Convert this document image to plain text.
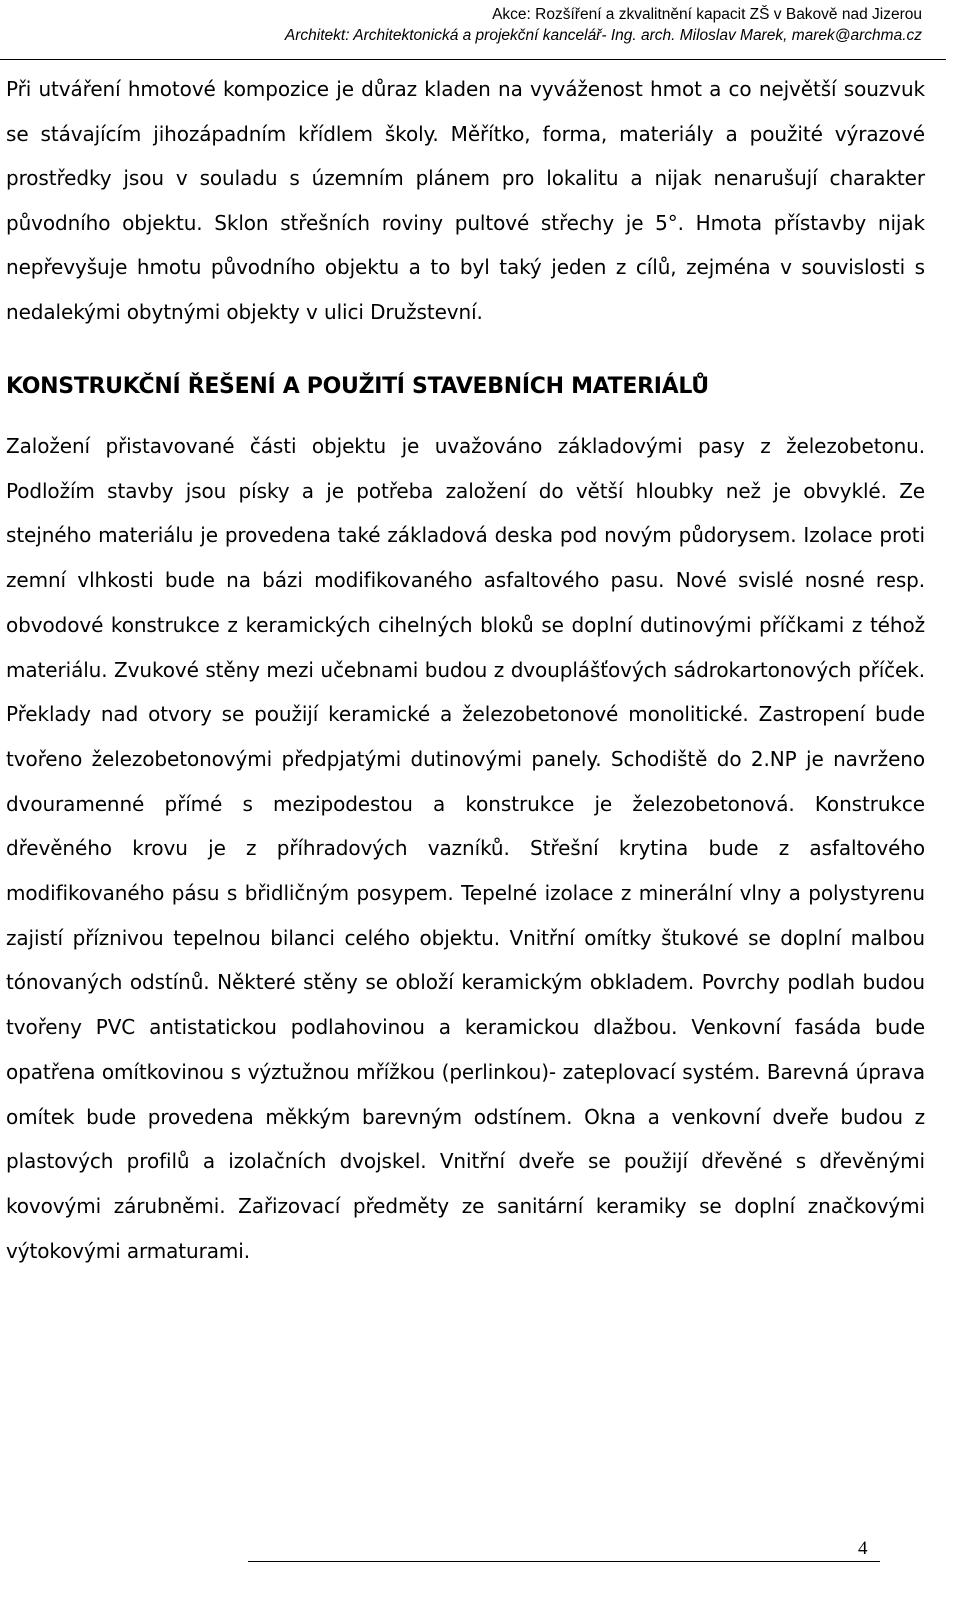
Akce: Rozšíření a zkvalitnění kapacit ZŠ v Bakově nad Jizerou
Architekt: Architektonická a projekční kancelář- Ing. arch. Miloslav Marek, marek@archma.cz

Při utváření hmotové kompozice je důraz kladen na vyváženost hmot a co největší souzvuk se stávajícím jihozápadním křídlem školy. Měřítko, forma, materiály a použité výrazové prostředky jsou v souladu s územním plánem pro lokalitu a nijak nenarušují charakter původního objektu. Sklon střešních roviny pultové střechy je 5°. Hmota přístavby nijak nepřevyšuje hmotu původního objektu a to byl taký jeden z cílů, zejména v souvislosti s nedalekými obytnými objekty v ulici Družstevní.

KONSTRUKČNÍ ŘEŠENÍ A POUŽITÍ STAVEBNÍCH MATERIÁLŮ

Založení přistavované části objektu je uvažováno základovými pasy z železobetonu. Podložím stavby jsou písky a je potřeba založení do větší hloubky než je obvyklé. Ze stejného materiálu je provedena také základová deska pod novým půdorysem. Izolace proti zemní vlhkosti bude na bázi modifikovaného asfaltového pasu. Nové svislé nosné resp. obvodové konstrukce z keramických cihelných bloků se doplní dutinovými příčkami z téhož materiálu. Zvukové stěny mezi učebnami budou z dvouplášťových sádrokartonových příček. Překlady nad otvory se použijí keramické a železobetonové monolitické. Zastropení bude tvořeno železobetonovými předpjatými dutinovými panely. Schodiště do 2.NP je navrženo dvouramenné přímé s mezipodestou a konstrukce je železobetonová. Konstrukce dřevěného krovu je z příhradových vazníků. Střešní krytina bude z asfaltového modifikovaného pásu s břidličným posypem. Tepelné izolace z minerální vlny a polystyrenu zajistí příznivou tepelnou bilanci celého objektu. Vnitřní omítky štukové se doplní malbou tónovaných odstínů. Některé stěny se obloží keramickým obkladem. Povrchy podlah budou tvořeny PVC antistatickou podlahovinou a keramickou dlažbou. Venkovní fasáda bude opatřena omítkovinou s výztužnou mřížkou (perlinkou)- zateplovací systém. Barevná úprava omítek bude provedena měkkým barevným odstínem. Okna a venkovní dveře budou z plastových profilů a izolačních dvojskel. Vnitřní dveře se použijí dřevěné s dřevěnými kovovými zárubněmi. Zařizovací předměty ze sanitární keramiky se doplní značkovými výtokovými armaturami.

4
